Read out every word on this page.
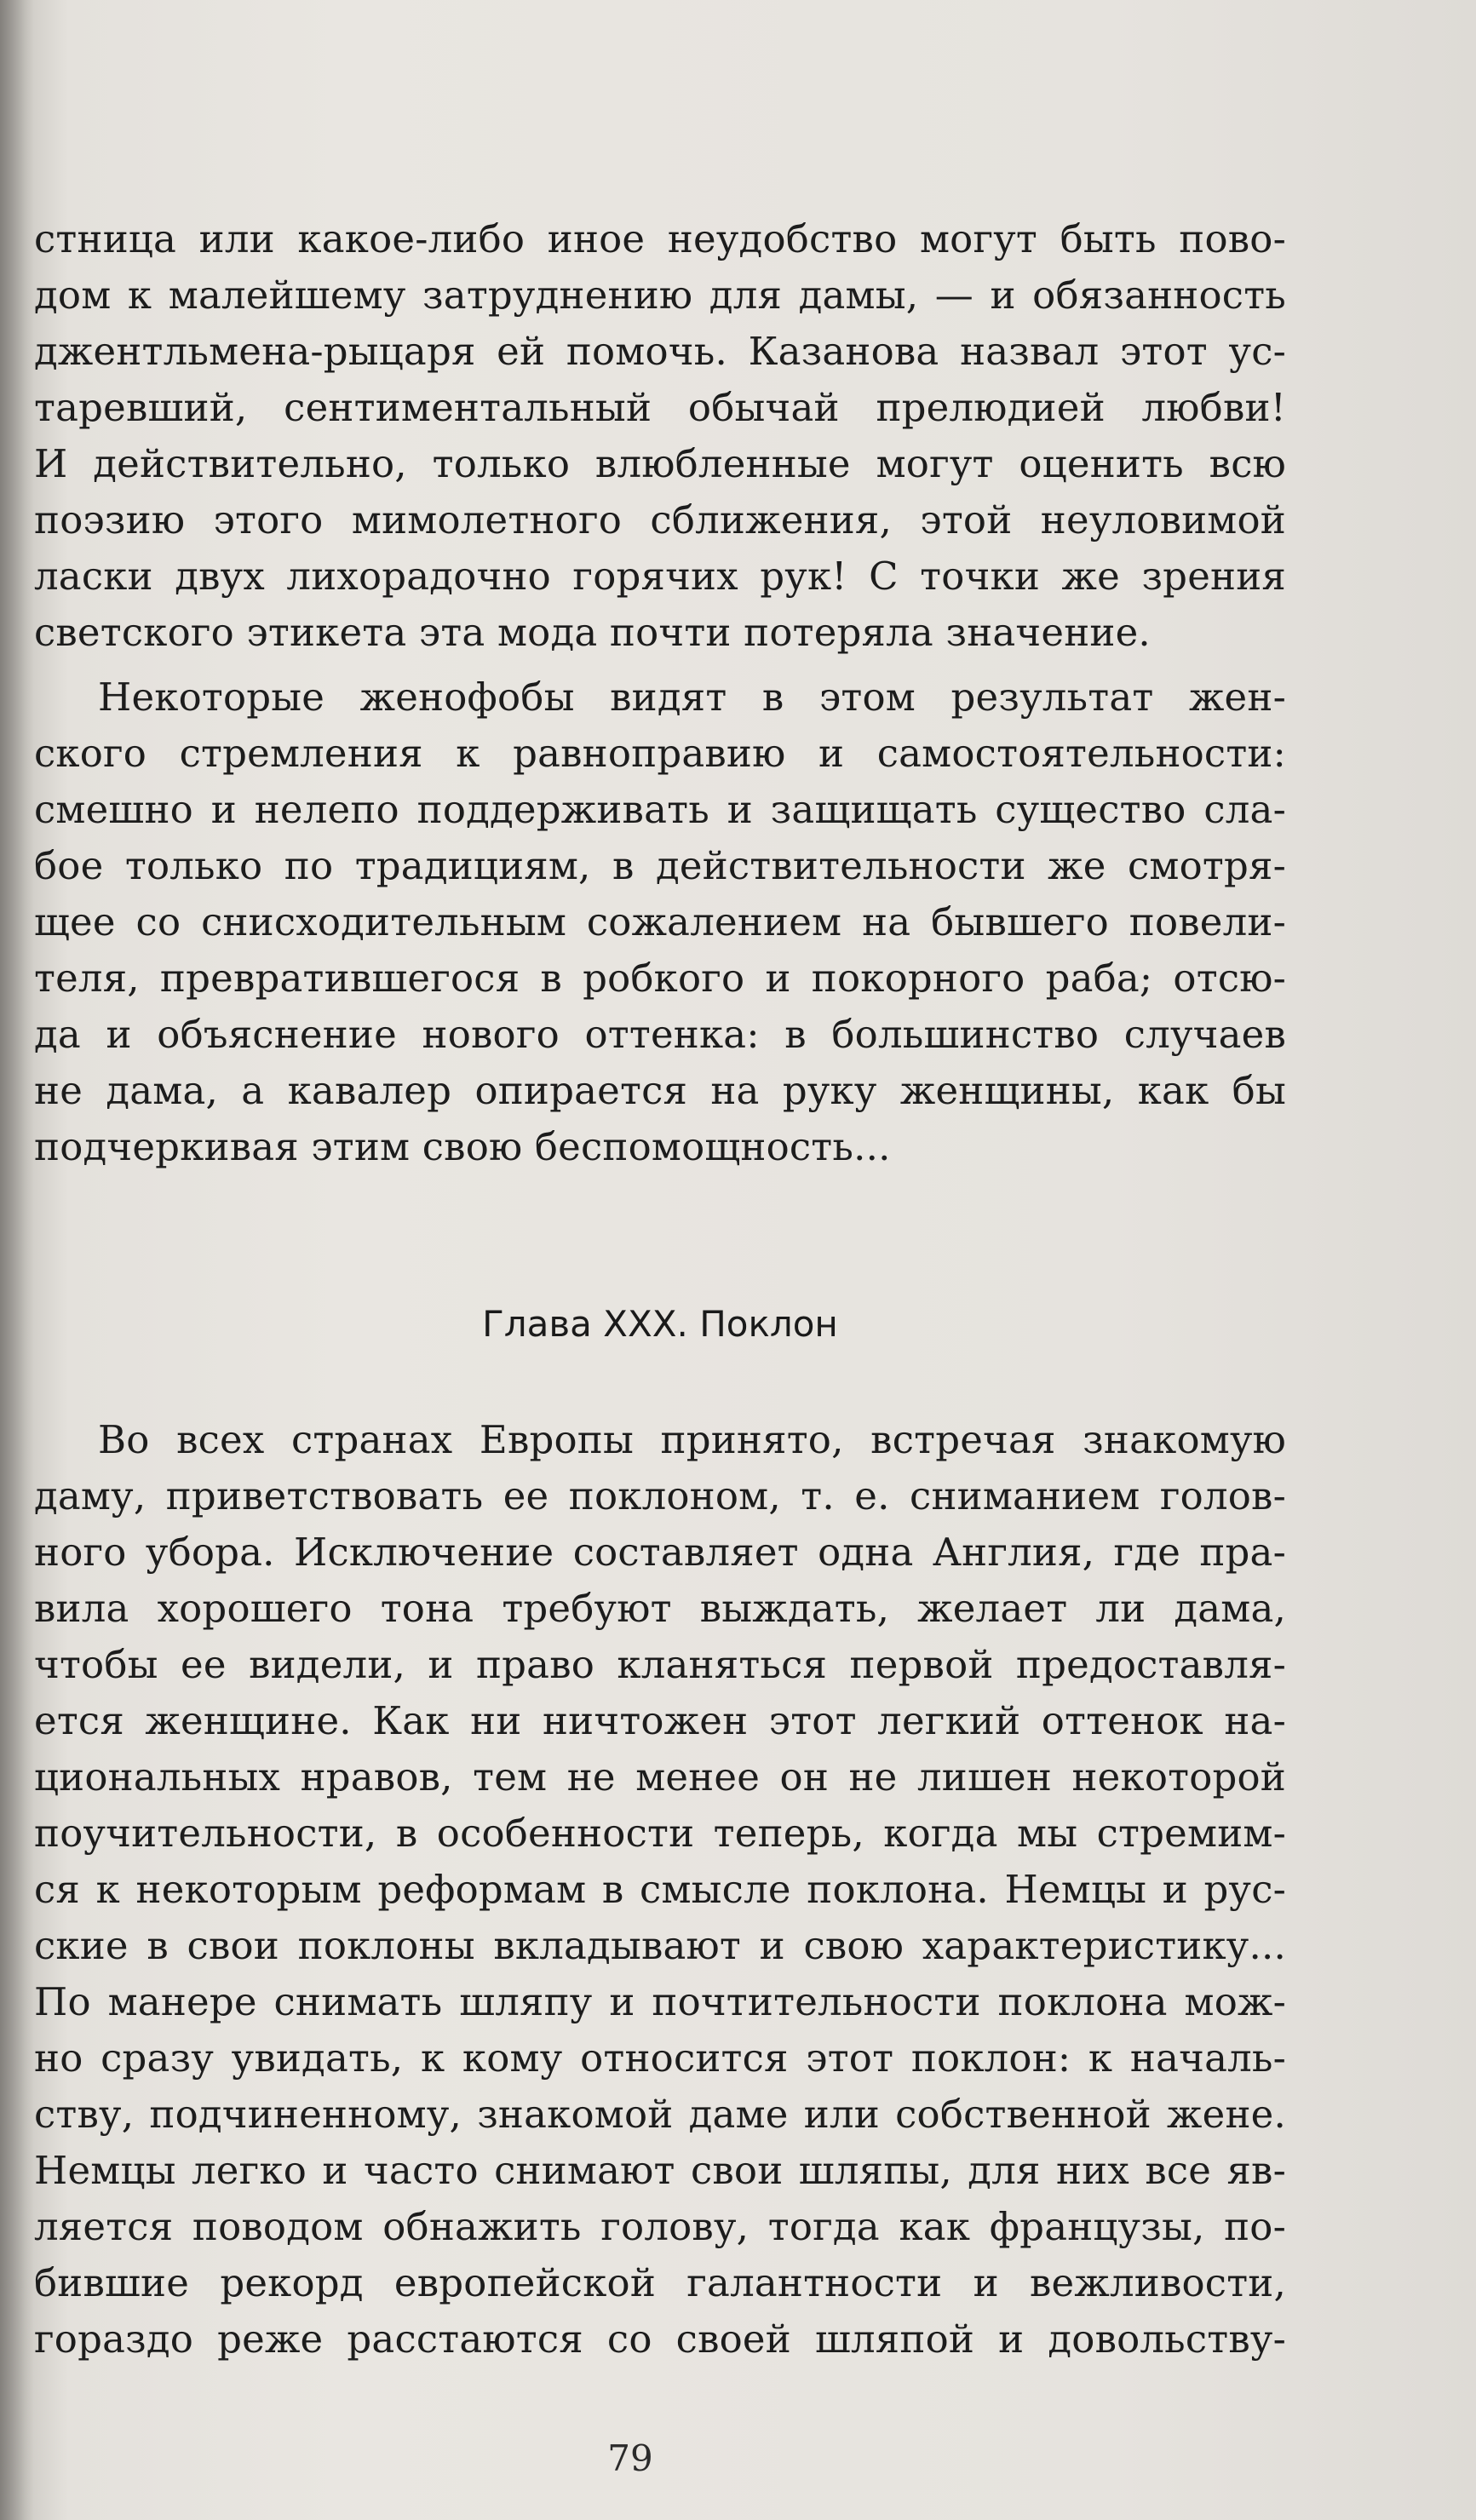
стница или какое-либо иное неудобство могут быть пово-
дом к малейшему затруднению для дамы, — и обязанность
джентльмена-рыцаря ей помочь. Казанова назвал этот ус-
таревший, сентиментальный обычай прелюдией любви!
И действительно, только влюбленные могут оценить всю
поэзию этого мимолетного сближения, этой неуловимой
ласки двух лихорадочно горячих рук! С точки же зрения
светского этикета эта мода почти потеряла значение.
Некоторые женофобы видят в этом результат жен-
ского стремления к равноправию и самостоятельности:
смешно и нелепо поддерживать и защищать существо сла-
бое только по традициям, в действительности же смотря-
щее со снисходительным сожалением на бывшего повели-
теля, превратившегося в робкого и покорного раба; отсю-
да и объяснение нового оттенка: в большинство случаев
не дама, а кавалер опирается на руку женщины, как бы
подчеркивая этим свою беспомощность...
Глава XXX. Поклон
Во всех странах Европы принято, встречая знакомую
даму, приветствовать ее поклоном, т. е. сниманием голов-
ного убора. Исключение составляет одна Англия, где пра-
вила хорошего тона требуют выждать, желает ли дама,
чтобы ее видели, и право кланяться первой предоставля-
ется женщине. Как ни ничтожен этот легкий оттенок на-
циональных нравов, тем не менее он не лишен некоторой
поучительности, в особенности теперь, когда мы стремим-
ся к некоторым реформам в смысле поклона. Немцы и рус-
ские в свои поклоны вкладывают и свою характеристику...
По манере снимать шляпу и почтительности поклона мож-
но сразу увидать, к кому относится этот поклон: к началь-
ству, подчиненному, знакомой даме или собственной жене.
Немцы легко и часто снимают свои шляпы, для них все яв-
ляется поводом обнажить голову, тогда как французы, по-
бившие рекорд европейской галантности и вежливости,
гораздо реже расстаются со своей шляпой и довольству-
79
